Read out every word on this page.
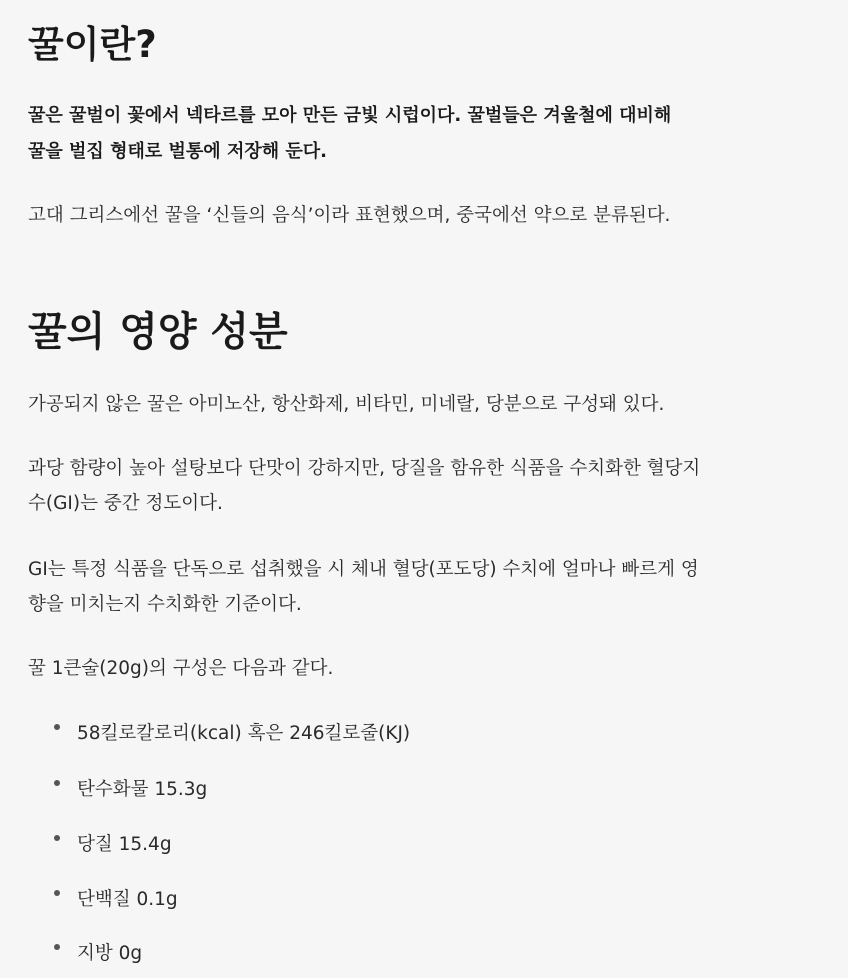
꿀이란?

꿀은 꿀벌이 꽃에서 넥타르를 모아 만든 금빛 시럽이다. 꿀벌들은 겨울철에 대비해

꿀을 벌집 형태로 벌통에 저장해 둔다.

고대 그리스에선 꿀을 ‘신들의 음식’이라 표현했으며, 중국에선 약으로 분류된다.

꿀의 영양 성분

가공되지 않은 꿀은 아미노산, 항산화제, 비타민, 미네랄, 당분으로 구성돼 있다.

과당 함량이 높아 설탕보다 단맛이 강하지만, 당질을 함유한 식품을 수치화한 혈당지

수(GI)는 중간 정도이다.

GI는 특정 식품을 단독으로 섭취했을 시 체내 혈당(포도당) 수치에 얼마나 빠르게 영

향을 미치는지 수치화한 기준이다.

꿀 1큰술(20g)의 구성은 다음과 같다.

58킬로칼로리(kcal) 혹은 246킬로줄(KJ)
탄수화물 15.3g
당질 15.4g
단백질 0.1g
지방 0g
